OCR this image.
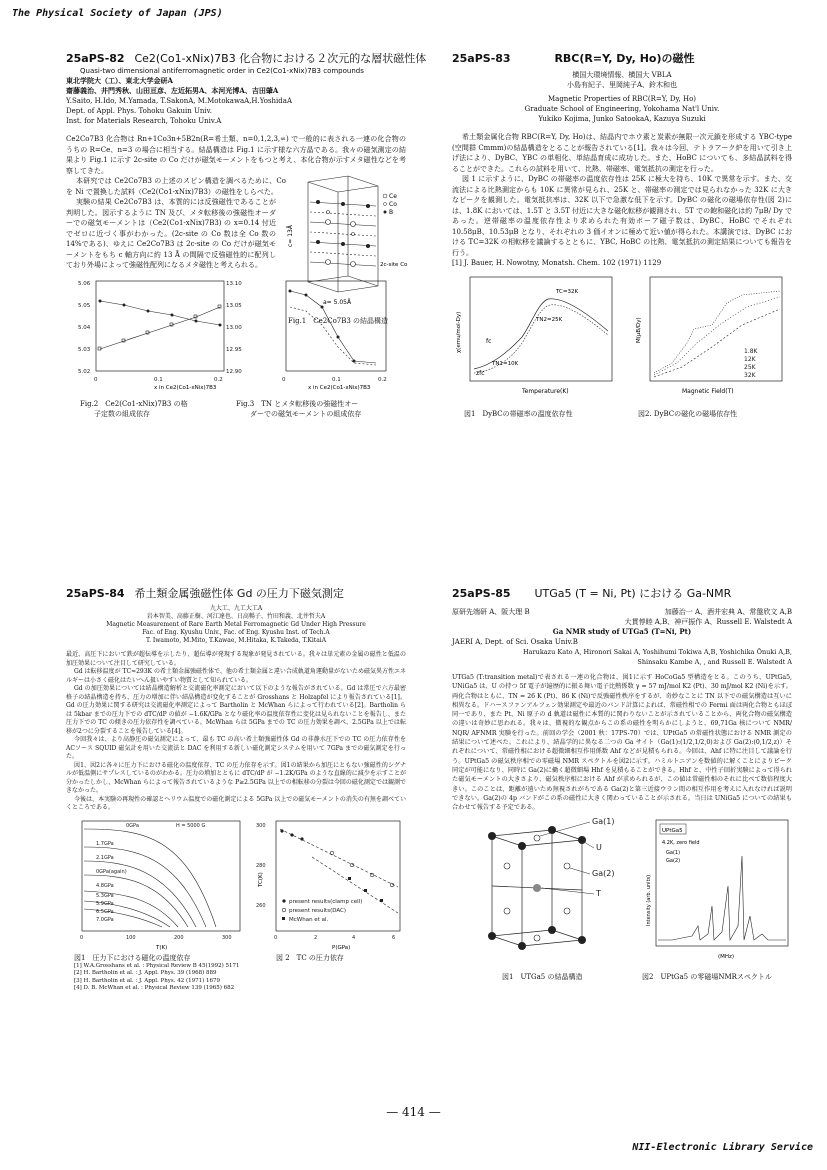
The Physical Society of Japan (JPS)
— 414 —
NII-Electronic Library Service
25aPS-82 Ce2(Co1-xNix)7B3 化合物における２次元的な層状磁性体
Quasi-two dimensional antiferromagnetic order in Ce2(Co1-xNix)7B3 compounds
東北学院大（工）、東北大学金研A
齋藤義治、井門秀秋、山田亘彦、左近拓男A、本河光博A、吉田肇A
Y.Saito, H.Ido, M.Yamada, T.SakonA, M.MotokawaA,H.YoshidaA
Dept. of Appl. Phys. Tohoku Gakuin Univ.
Inst. for Materials Research, Tohoku Univ.A
Ce2Co7B3 化合物は Rn+1Co3n+5B2n(R=希土類、n=0,1,2,3,∞) で一般的に表される一連の化合物のうちの R=Ce、n=3 の場合に相当する。結晶構造は Fig.1 に示す様な六方晶である。我々の磁気測定の結果より Fig.1 に示す 2c-site の Co だけが磁気モーメントをもつと考え、本化合物が示すメタ磁性などを考察してきた。
本研究では Ce2Co7B3 の上述のスピン構造を調べるために、Co を Ni で置換した試料（Ce2(Co1-xNix)7B3）の磁性をしらべた。
実験の結果 Ce2Co7B3 は、本質的には反強磁性であることが判明した。図示するように TN 及び、メタ転移後の強磁性オーダーでの磁気モーメントは（Ce2(Co1-xNix)7B3) の x=0.14 付近でゼロに近づく事がわかった。(2c-site の Co 数は全 Co 数の 14%である)、ゆえに Ce2Co7B3 は 2c-site の Co だけが磁気モーメントをもち c 軸方向に約 13 Å の間隔で反強磁性的に配列しており外場によって強磁性配列になるメタ磁性と考えられる。
c= 13Å
a= 5.05Å
2c-site Co
Ce
Co
B
Fig.1　Ce2Co7B3 の結晶構造
5.06
5.05
5.04
5.03
5.02
13.10
13.05
13.00
12.95
12.90
0	0.1	0.2
x in Ce2(Co1-xNix)7B3
0	0.1	0.2
x in Ce2(Co1-xNix)7B3
Fig.2　Ce2(Co1-xNix)7B3 の格
子定数の組成依存
Fig.3　TN とメタ転移後の強磁性オー
ダーでの磁気モーメントの組成依存
25aPS-83	RBC(R=Y, Dy, Ho)の磁性
横国大環境情報、横国大 VBLA
小島有紀子、里岡純子A、鈴木和也
Magnetic Properties of RBC(R=Y, Dy, Ho)
Graduate School of Engineering, Yokohama Nat'l Univ.
Yukiko Kojima, Junko SatookaA, Kazuya Suzuki
希土類金属化合物 RBC(R=Y, Dy, Ho)は、結晶内でホウ素と炭素が無限一次元鎖を形成する YBC-type (空間群 Cmmm)の結晶構造をとることが報告されている[1]。我々は今回、テトラアーク炉を用いて引き上げ法により、DyBC、YBC の単相化、単結晶育成に成功した。また、HoBC についても、多結晶試料を得ることができた。これらの試料を用いて、比熱、帯磁率、電気抵抗の測定を行った。
図 1 に示すように、DyBC の帯磁率の温度依存性は 25K に極大を持ち、10K で異常を示す。また、交流法による比熱測定からも 10K に異常が見られ、25K と、帯磁率の測定では見られなかった 32K に大きなピークを観測した。電気抵抗率は、32K 以下で急激な低下を示す。DyBC の磁化の磁場依存性(図 2)には、1.8K においては、1.5T と 3.5T 付近に大きな磁化転移が観測され、5T での飽和磁化は約 7μB/ Dy であった。逆帯磁率の温度依存性より求められた有効ボーア磁子数は、DyBC、HoBC でそれぞれ 10.58μB、10.53μB となり、それぞれの 3 価イオンに極めて近い値が得られた。本講演では、DyBC における TC=32K の相転移を議論するとともに、YBC, HoBC の比熱、電気抵抗の測定結果についても報告を行う。
[1] J. Bauer, H. Nowotny, Monatsh. Chem. 102 (1971) 1129
fc
zfc
TC=32K
TN2=25K
TN1=10K
Temperature(K)
χ(emu/mol-Dy)	1.8K
12K
25K
32K
Magnetic Field(T)
M(μB/Dy)
図1　DyBCの帯磁率の温度依存性	図2. DyBCの磁化の磁場依存性
25aPS-84 希土類金属強磁性体 Gd の圧力下磁気測定
九大工、九工大工A
岩本智美、高藤正樹、河江達也、日高暢子、竹田和義、北井哲夫A
Magnetic Measurement of Rare Earth Metal Ferromagnetic Gd Under High Pressure
Fac. of Eng. Kyushu Univ., Fac. of Eng. Kyushu Inst. of Tech.A
T. Iwamoto, M.Mito, T.Kawae, M.Hitaka, K.Takeda, T.KitaiA
最近、高圧下において鉄が超伝導を示したり、超伝導が発現する現象が発見されている。我々は単元素の金属の磁性と低温の加圧効果について注目して研究している。
Gd は転移温度が TC≈293K の希土類金属強磁性体で、他の希土類金属と違い合成軌道角運動量がないため磁気異方性エネルギーは小さく磁化はたいへん扱いやすい物質として知られている。
Gd の加圧効果については結晶構造解析と交流磁化率測定において以下のような報告がされている。Gd は常圧で六方最密格子の結晶構造を持ち、圧力の増加に伴い結晶構造が変化することが Grosshans と Holzapfel により報告されている[1]。Gd の圧力効果に関する研究は交流磁化率測定によって Bartholin と McWhan らによって行われている[2]。Bartholin らは 5kbar までの圧力下での dTC/dP の値が −1.6K/GPa となり磁化率の温度依存性に変化は見られないことを報告し、また圧力下での TC の傾きの圧力依存性を調べている。McWhan らは 5GPa までの TC の圧力効果を調べ、2.5GPa 以上では転移が2つに分裂することを報告している[4]。
今回我々は、より高静圧の磁気測定によって、最も TC の高い希土類強磁性体 Gd の非静水圧下での TC の圧力依存性を ACソース SQUID 磁気計を用いた交流法と DAC を利用する新しい磁化測定システムを用いて 7GPa までの磁気測定を行った。
図1、図2に各々に圧力下における磁化の温度依存、TC の圧力依存を示す。図1の結果から加圧にともない強磁性的シグナルが低温側にサプレスしているのがわかる。圧力の増加とともに dTC/dP が −1.2K/GPa のような直線的に減少を示すことが分かったしかし、McWhan らによって報告されているような P≥2.5GPa 以上での相転移の分裂は今回の磁化測定では観測できなかった。
今後は、本実験の再現性の確認とヘリウム温度での磁化測定による 5GPa 以上での磁気モーメントの消失の有無を調べていくところである。
0GPa	H = 5000 G
1.7GPa
2.1GPa
0GPa(again)
4.8GPa
5.3GPa
5.9GPa
6.5GPa
7.0GPa
0	100	200	300
T(K)
300
280
260
0	2	4	6
present results(clamp cell)
present results(DAC)
McWhan et al.
P(GPa)
TC(K)
図1　圧力下における磁化の温度依存	図 2　TC の圧力依存
[1] W.A.Grosshans et al. : Physical Review B 45(1992) 5171
[2] H. Bartholin et al. : J. Appl. Phys. 39 (1968) 889
[3] H. Bartholin et al. : J. Appl. Phys. 42 (1971) 1679
[4] D. B. McWhan et al. : Physical Review 139 (1965) 682
25aPS-85 UTGa5 (T = Ni, Pt) における Ga-NMR
原研先端研 A、阪大理 B	加藤治一 A、酒井宏典 A、常盤欣文 A,B
大貫惇睦 A,B、神戸振作 A、Russell E. Walstedt A
Ga NMR study of UTGa5 (T=Ni, Pt)
JAERI A, Dept. of Sci. Osaka Univ.B
Harukazu Kato A, Hironori Sakai A, Yoshihumi Tokiwa A,B, Yoshichika Ōnuki A,B,
Shinsaku Kambe A, , and Russell E. Walstedt A
UTGa5 (T:transition metal)で表される一連の化合物は、図1に示す HoCoGa5 型構造をとる。このうち、UPtGa5, UNiGa5 は、U の持つ 5f 電子が遍歴的に振る舞い電子比熱係数 γ = 57 mJ/mol K2 (Pt)、30 mJ/mol K2 (Ni)を示す。両化合物はともに、TN = 26 K (Pt)、86 K (Ni)で反強磁性秩序をするが、奇妙なことに TN 以下での磁気構造は互いに相異なる。ドハースファンアルフェン効果測定や最近のバンド計算によれば、常磁性相での Fermi 面は両化合物ともほぼ同一であり、また Pt、Ni 原子の d 軌道は磁性に本質的に関わりないことが示されていることから、両化合物の磁気構造の違いは奇妙に思われる。我々は、微視的な観点からこの系の磁性を明らかにしようと、69,71Ga 核について NMR/ NQR/ AFNMR 実験を行った。前回の学会（2001 秋：17PS-70）では、UPtGa5 の常磁性状態における NMR 測定の結果について述べた。これにより、結晶学的に異なる二つの Ga サイト（Ga(1):(1/2,1/2,0)および Ga(2):(0,1/2,z)）それぞれについて、常磁性相における超微細相互作用係数 Ahf などが見積もられる。今回は、Ahf に特に注目して議論を行う。UPtGa5 の磁気秩序相での零磁場 NMR スペクトルを図2に示す。ハミルトニアンを数値的に解くことによりピーク同定が可能になり、同時に Ga(2)に働く超微細場 Hhf を見積もることができる。Hhf と、中性子回折実験によって得られた磁気モーメントの大きさより、磁気秩序相における Ahf が求められるが、この値は常磁性相のそれに比べて数倍程度大きい。このことは、距離が遠いため無視されがちである Ga(2)と第三近接ウラン間の相互作用を考えに入れなければ説明できない。Ga(2)の 4p バンドがこの系の磁性に大きく関わっていることが示される。当日は UNiGa5 についての結果も合わせて報告する予定である。
Ga(1)
U
Ga(2)
T
UPtGa5
4.2K, zero field
Ga(1)
Ga(2)
(MHz)
Intensity (arb. units)
図1　UTGa5 の結晶構造	図2　UPtGa5 の零磁場NMRスペクトル
